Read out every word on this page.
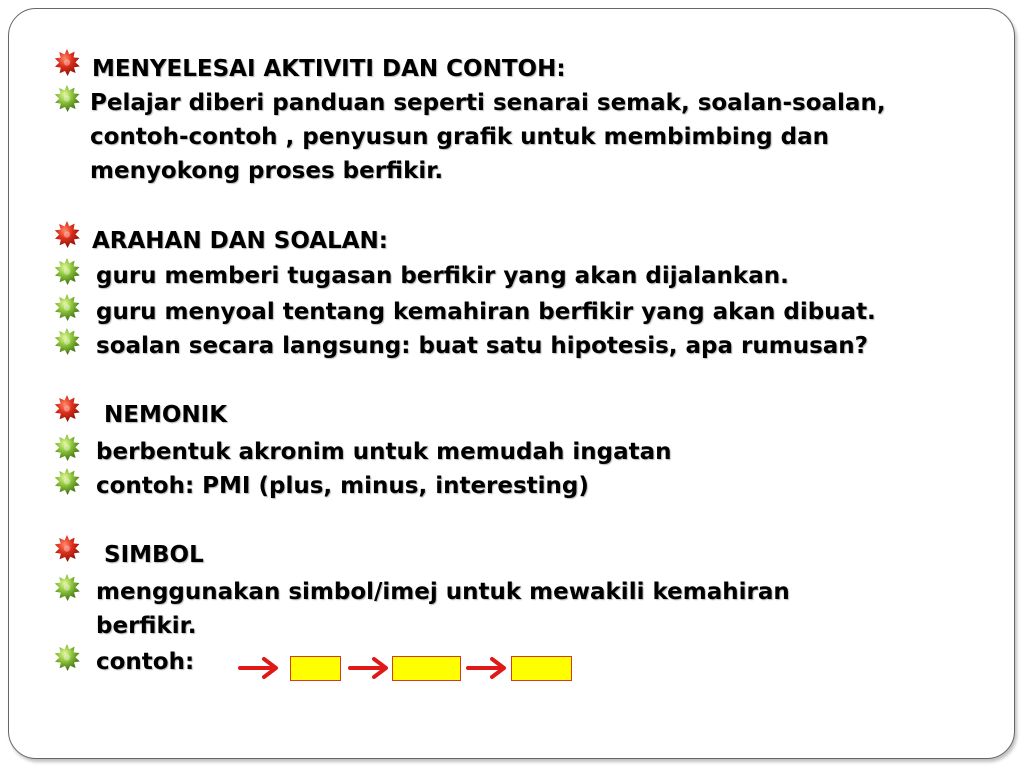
MENYELESAI AKTIVITI DAN CONTOH:
Pelajar diberi panduan seperti senarai semak, soalan-soalan,
contoh-contoh , penyusun grafik untuk membimbing dan
menyokong proses berfikir.
ARAHAN DAN SOALAN:
guru memberi tugasan berfikir yang akan dijalankan.
guru menyoal tentang kemahiran berfikir yang akan dibuat.
soalan secara langsung: buat satu hipotesis, apa rumusan?
NEMONIK
berbentuk akronim untuk memudah ingatan
contoh: PMI (plus, minus, interesting)
SIMBOL
menggunakan simbol/imej untuk mewakili kemahiran
berfikir.
contoh:
